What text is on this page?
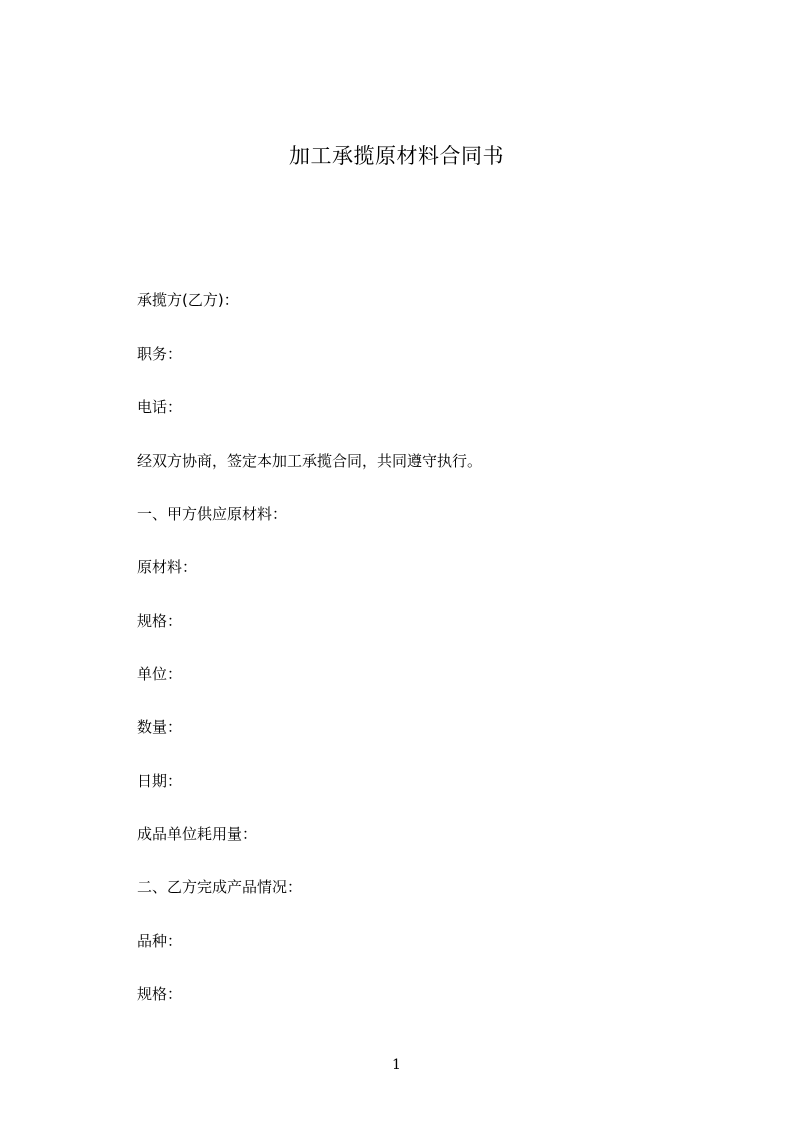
加工承揽原材料合同书
承揽方(乙方)：
职务：
电话：
经双方协商，签定本加工承揽合同，共同遵守执行。
一、甲方供应原材料：
原材料：
规格：
单位：
数量：
日期：
成品单位耗用量：
二、乙方完成产品情况：
品种：
规格：
1
